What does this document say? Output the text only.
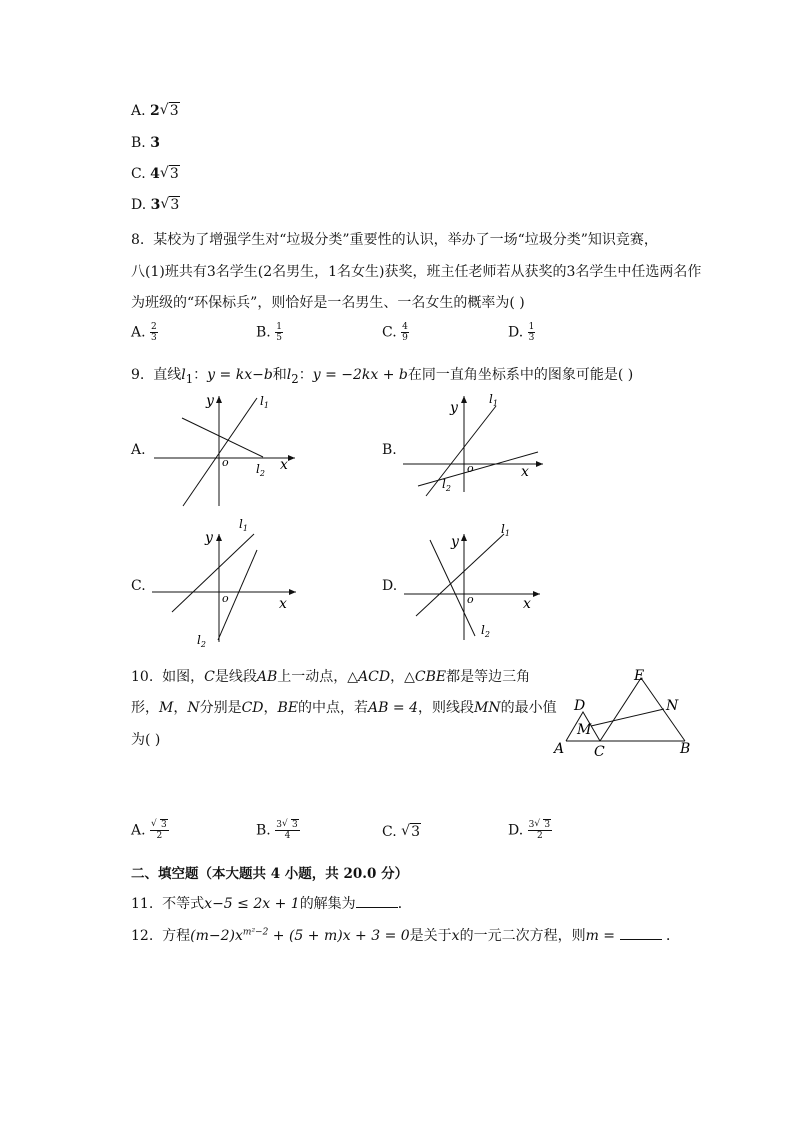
A. 2 √ 3
B. 3
C. 4 √ 3
D. 3 √ 3
8. 某校为了增强学生对“垃圾分类”重要性的认识，举办了一场“垃圾分类”知识竞赛，
八(1)班共有3名学生(2名男生，1名女生)获奖，班主任老师若从获奖的3名学生中任选两名作
为班级的“环保标兵”，则恰好是一名男生、一名女生的概率为( )
A. $\frac{2}{3}$	B. $\frac{1}{5}$	C. $\frac{4}{9}$	D. $\frac{1}{3}$
9. 直线$l_1$：y = kx−b和$l_2$：y = −2kx + b在同一直角坐标系中的图象可能是( )
A.	B.
C.	D.
y
x
o
$l_1$
$l_2$
y
x
o
$l_1$
$l_2$
y
x
o
$l_1$
$l_2$
y
x
o
$l_1$
$l_2$
10. 如图，C是线段AB上一动点，△ACD，△CBE都是等边三角
形，M，N分别是CD，BE的中点，若AB = 4，则线段MN的最小值
为( )
A	B
C
D
E
M
N
A. √ $\frac{3}{2}$	B. $\frac{3 √ 3}{4}$	C. √ 3	D. $\frac{3 √ 3}{2}$
二、填空题（本大题共 4 小题，共 20.0 分）
11. 不等式x−5 ≤ 2x + 1的解集为	．
12. 方程$(m-2)x^{m^2-2} + (5 + m)x + 3 = 0$是关于x的一元二次方程，则m =	．
